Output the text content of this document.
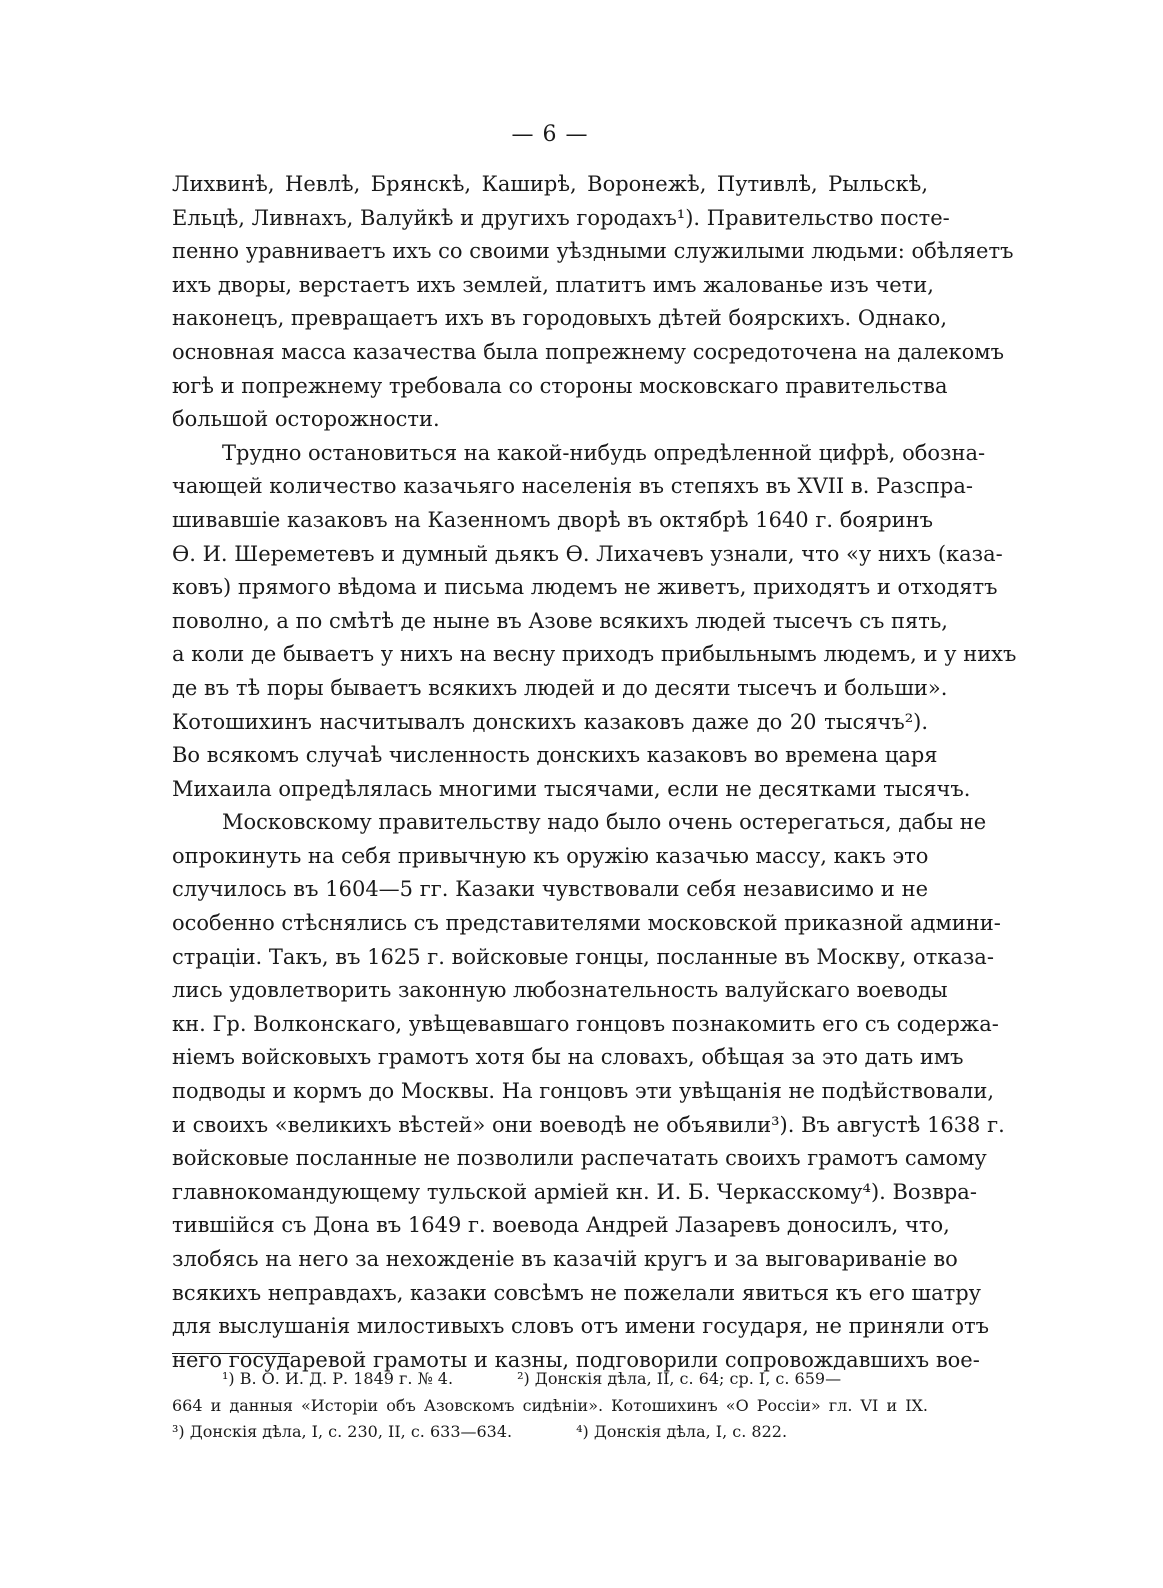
— 6 —
Лихвинѣ, Невлѣ, Брянскѣ, Каширѣ, Воронежѣ, Путивлѣ, Рыльскѣ,
Ельцѣ, Ливнахъ, Валуйкѣ и другихъ городахъ¹). Правительство посте-
пенно уравниваетъ ихъ со своими уѣздными служилыми людьми: обѣляетъ
ихъ дворы, верстаетъ ихъ землей, платитъ имъ жалованье изъ чети,
наконецъ, превращаетъ ихъ въ городовыхъ дѣтей боярскихъ. Однако,
основная масса казачества была попрежнему сосредоточена на далекомъ
югѣ и попрежнему требовала со стороны московскаго правительства
большой осторожности.
Трудно остановиться на какой-нибудь опредѣленной цифрѣ, обозна-
чающей количество казачьяго населенія въ степяхъ въ XVII в. Разспра-
шивавшіе казаковъ на Казенномъ дворѣ въ октябрѣ 1640 г. бояринъ
Ѳ. И. Шереметевъ и думный дьякъ Ѳ. Лихачевъ узнали, что «у нихъ (каза-
ковъ) прямого вѣдома и письма людемъ не живетъ, приходятъ и отходятъ
поволно, а по смѣтѣ де ныне въ Азове всякихъ людей тысечъ съ пять,
а коли де бываетъ у нихъ на весну приходъ прибыльнымъ людемъ, и у нихъ
де въ тѣ поры бываетъ всякихъ людей и до десяти тысечъ и больши».
Котошихинъ насчитывалъ донскихъ казаковъ даже до 20 тысячъ²).
Во всякомъ случаѣ численность донскихъ казаковъ во времена царя
Михаила опредѣлялась многими тысячами, если не десятками тысячъ.
Московскому правительству надо было очень остерегаться, дабы не
опрокинуть на себя привычную къ оружію казачью массу, какъ это
случилось въ 1604—5 гг. Казаки чувствовали себя независимо и не
особенно стѣснялись съ представителями московской приказной админи-
страціи. Такъ, въ 1625 г. войсковые гонцы, посланные въ Москву, отказа-
лись удовлетворить законную любознательность валуйскаго воеводы
кн. Гр. Волконскаго, увѣщевавшаго гонцовъ познакомить его съ содержа-
ніемъ войсковыхъ грамотъ хотя бы на словахъ, обѣщая за это дать имъ
подводы и кормъ до Москвы. На гонцовъ эти увѣщанія не подѣйствовали,
и своихъ «великихъ вѣстей» они воеводѣ не объявили³). Въ августѣ 1638 г.
войсковые посланные не позволили распечатать своихъ грамотъ самому
главнокомандующему тульской арміей кн. И. Б. Черкасскому⁴). Возвра-
тившійся съ Дона въ 1649 г. воевода Андрей Лазаревъ доносилъ, что,
злобясь на него за нехожденіе въ казачій кругъ и за выговариваніе во
всякихъ неправдахъ, казаки совсѣмъ не пожелали явиться къ его шатру
для выслушанія милостивыхъ словъ отъ имени государя, не приняли отъ
него государевой грамоты и казны, подговорили сопровождавшихъ вое-
¹) В. О. И. Д. Р. 1849 г. № 4.	²) Донскія дѣла, II, с. 64; ср. I, с. 659—
664 и данныя «Исторіи объ Азовскомъ сидѣніи». Котошихинъ «О Россіи» гл. VI и IX.
³) Донскія дѣла, I, с. 230, II, с. 633—634.	⁴) Донскія дѣла, I, с. 822.
